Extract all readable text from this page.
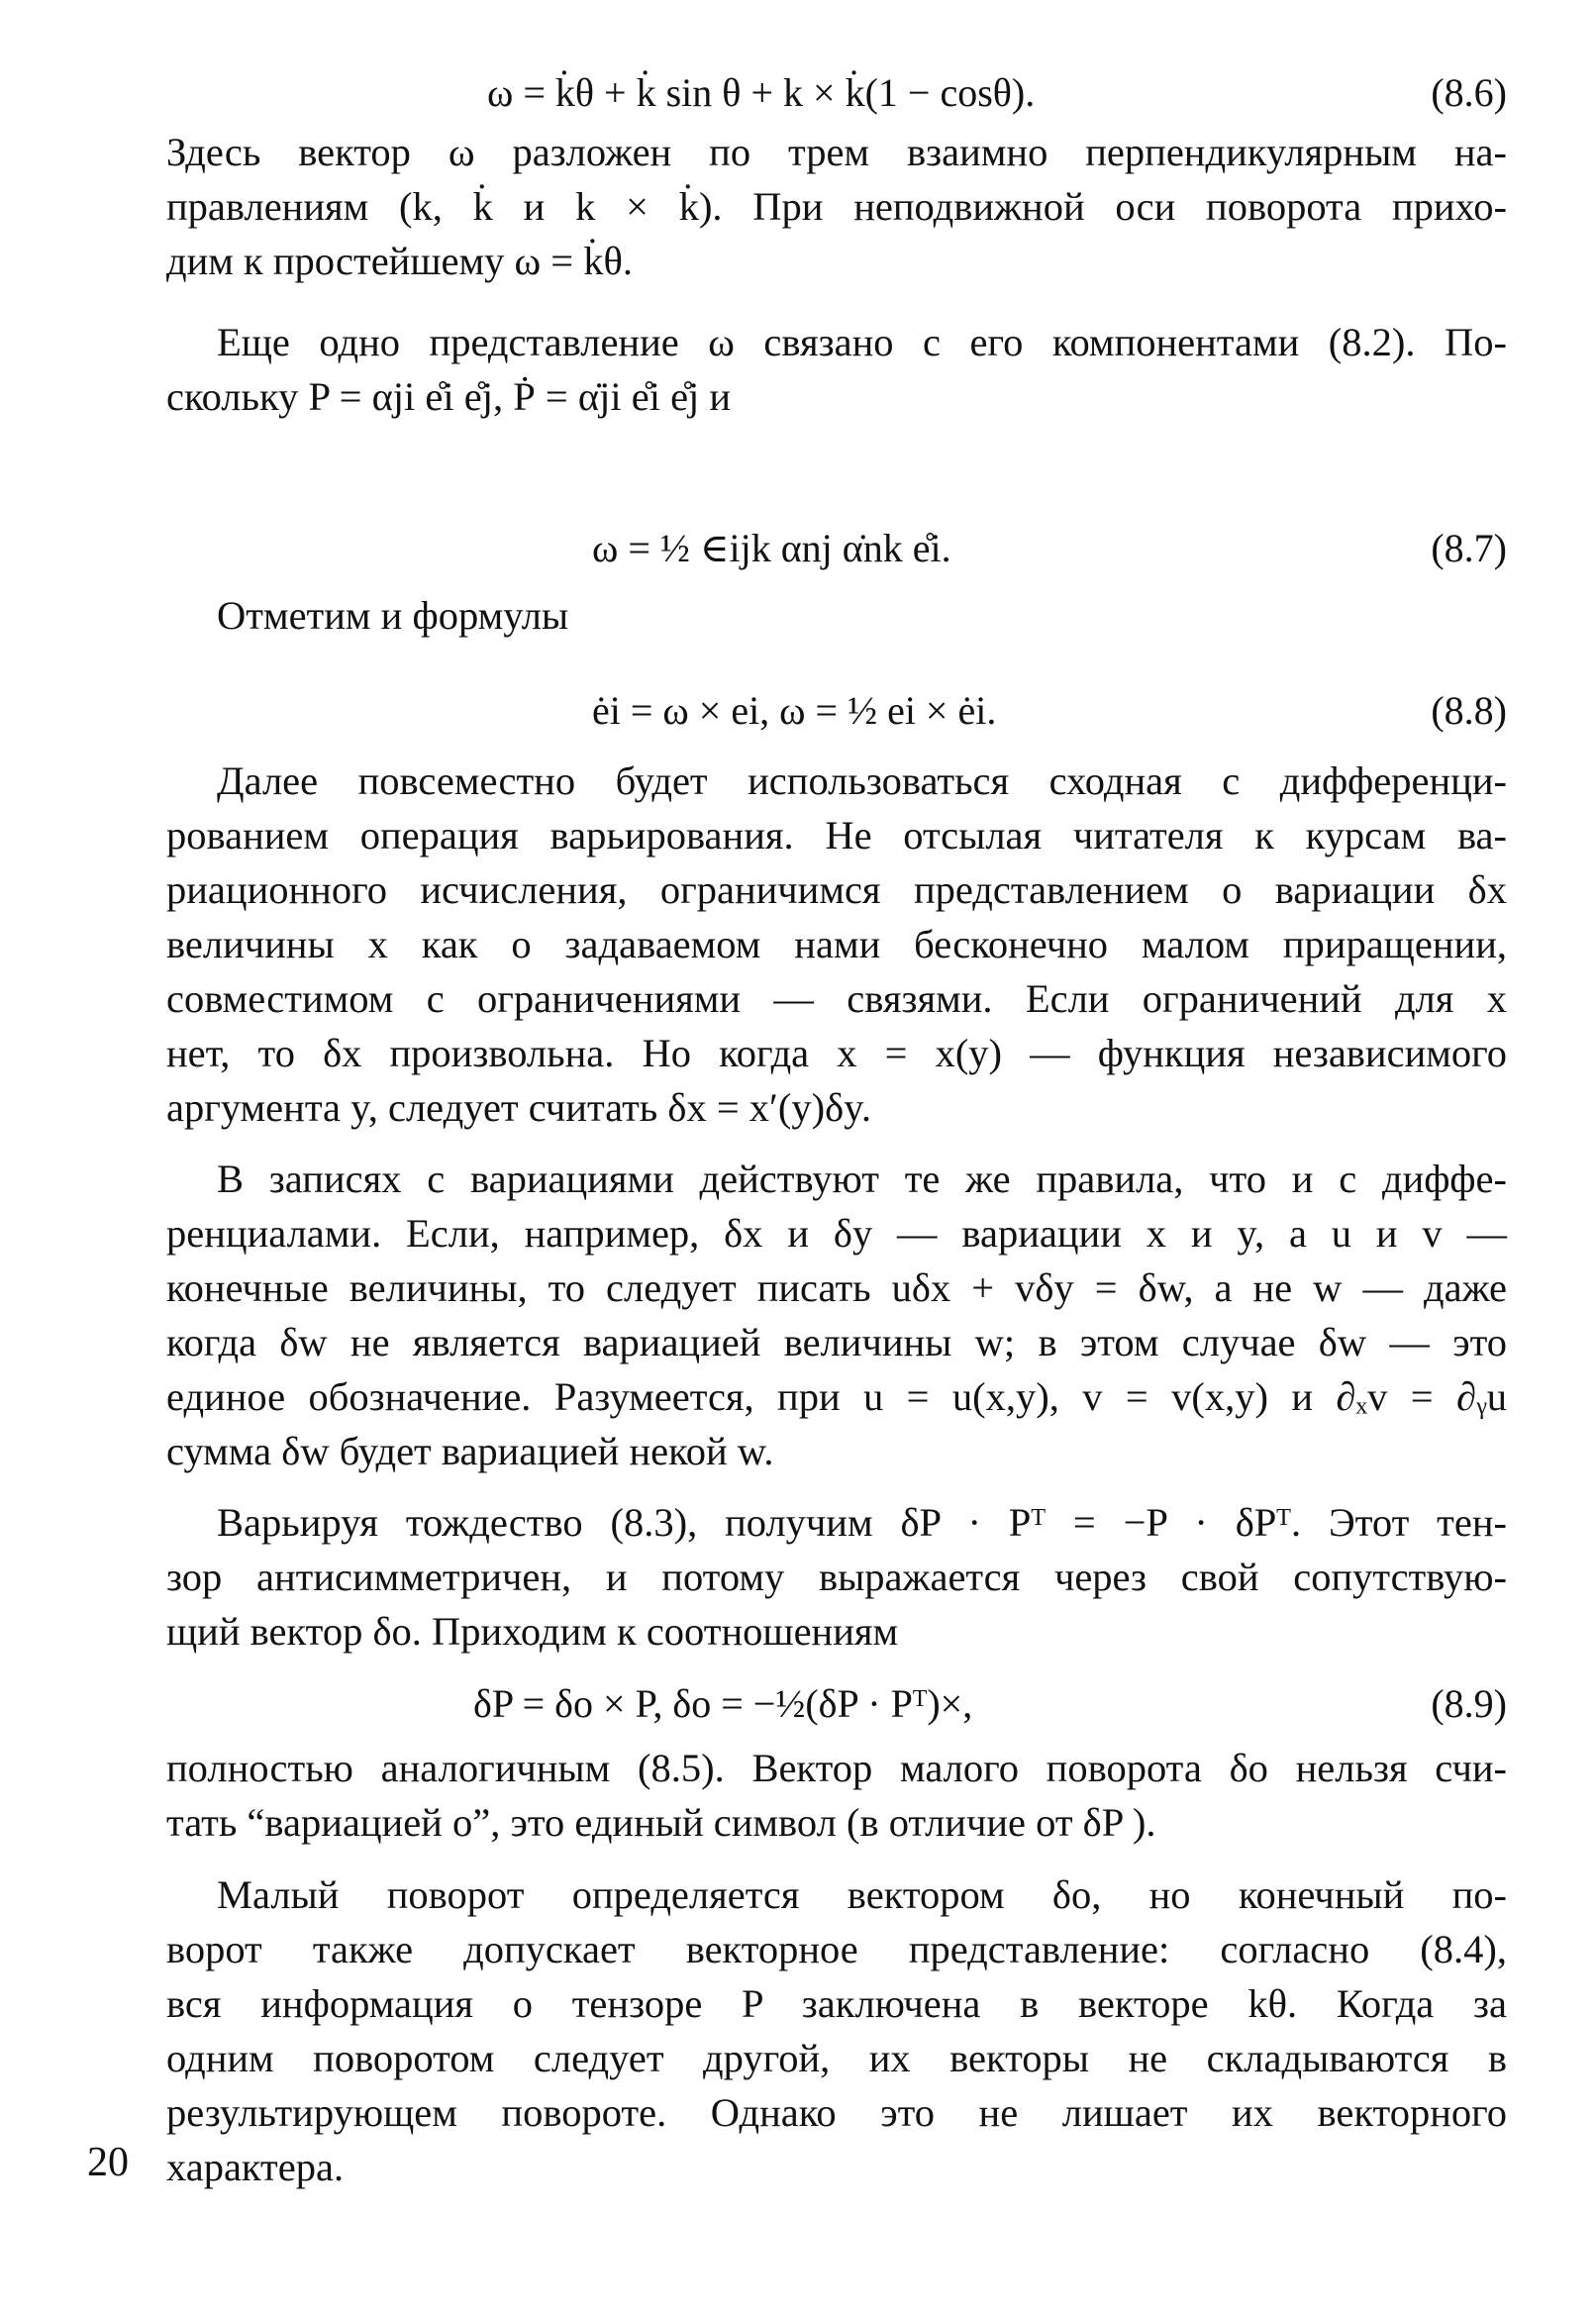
ω = k̇θ + k̇ sin θ + k × k̇(1 − cosθ).	(8.6)
Здесь вектор ω разложен по трем взаимно перпендикулярным на-
правлениям (k, k̇ и k × k̇). При неподвижной оси поворота прихо-
дим к простейшему ω = k̇θ.
Еще одно представление ω связано с его компонентами (8.2). По-
скольку P = αji e̊i e̊j, Ṗ = α̇ji e̊i e̊j и
ω = ½ ∈ijk αnj α̇nk e̊i.	(8.7)
Отметим и формулы
ėi = ω × ei, ω = ½ ei × ėi.	(8.8)
Далее повсеместно будет использоваться сходная с дифференци-
рованием операция варьирования. Не отсылая читателя к курсам ва-
риационного исчисления, ограничимся представлением о вариации δx
величины x как о задаваемом нами бесконечно малом приращении,
совместимом с ограничениями — связями. Если ограничений для x
нет, то δx произвольна. Но когда x = x(y) — функция независимого
аргумента y, следует считать δx = x′(y)δy.
В записях с вариациями действуют те же правила, что и с диффе-
ренциалами. Если, например, δx и δy — вариации x и y, а u и v —
конечные величины, то следует писать uδx + vδy = δw, а не w — даже
когда δw не является вариацией величины w; в этом случае δw — это
единое обозначение. Разумеется, при u = u(x,y), v = v(x,y) и ∂ₓv = ∂ᵧu
сумма δw будет вариацией некой w.
Варьируя тождество (8.3), получим δP · Pᵀ = −P · δPᵀ. Этот тен-
зор антисимметричен, и потому выражается через свой сопутствую-
щий вектор δo. Приходим к соотношениям
δP = δo × P, δo = −½(δP · Pᵀ)×,	(8.9)
полностью аналогичным (8.5). Вектор малого поворота δo нельзя счи-
тать “вариацией o”, это единый символ (в отличие от δP ).
Малый поворот определяется вектором δo, но конечный по-
ворот также допускает векторное представление: согласно (8.4),
вся информация о тензоре P заключена в векторе kθ. Когда за
одним поворотом следует другой, их векторы не складываются в
результирующем повороте. Однако это не лишает их векторного
характера.
20
